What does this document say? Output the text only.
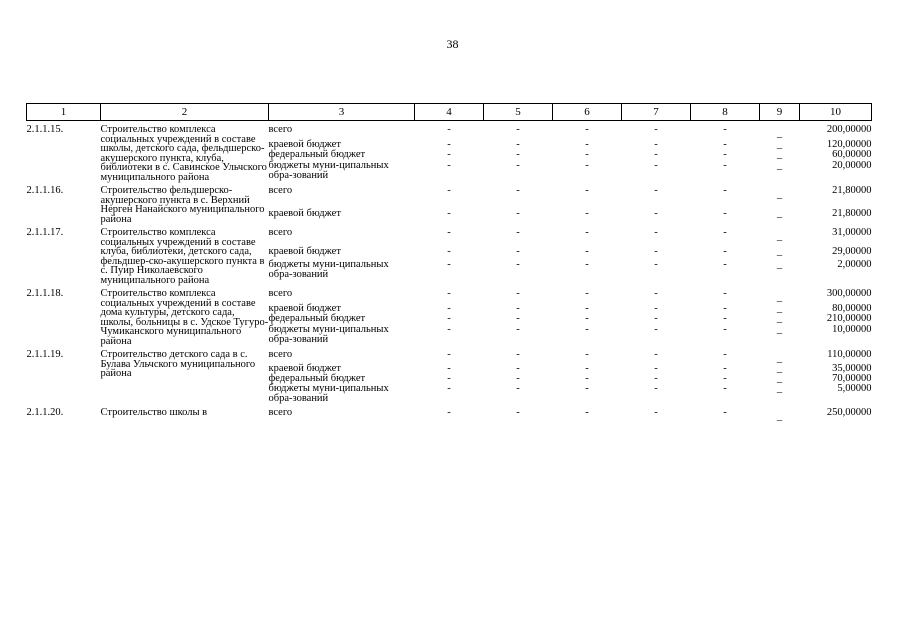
38
1	2	3	4	5	6	7	8	9	10
2.1.1.15.	Строительство комплекса социальных учреждений в составе школы, детского сада, фельдшерско-акушерского пункта, клуба, библиотеки в с. Савинское Ульчского муниципального района	всего	-	-	-	-	-	_	200,00000
		краевой бюджет	-	-	-	-	-	_	120,00000
		федеральный бюджет	-	-	-	-	-	_	60,00000
		бюджеты муни-ципальных обра-зований	-	-	-	-	-	_	20,00000
2.1.1.16.	Строительство фельдшерско-акушерского пункта в с. Верхний Нерген Нанайского муниципального района	всего	-	-	-	-	-	_	21,80000
		краевой бюджет	-	-	-	-	-	_	21,80000
2.1.1.17.	Строительство комплекса социальных учреждений в составе клуба, библиотеки, детского сада, фельдшер-ско-акушерского пункта в с. Пуир Николаевского муниципального района	всего	-	-	-	-	-	_	31,00000
		краевой бюджет	-	-	-	-	-	_	29,00000
		бюджеты муни-ципальных обра-зований	-	-	-	-	-	_	2,00000
2.1.1.18.	Строительство комплекса социальных учреждений в составе дома культуры, детского сада, школы, больницы в с. Удское Тугуро-Чумиканского муниципального района	всего	-	-	-	-	-	_	300,00000
		краевой бюджет	-	-	-	-	-	_	80,00000
		федеральный бюджет	-	-	-	-	-	_	210,00000
		бюджеты муни-ципальных обра-зований	-	-	-	-	-	_	10,00000
2.1.1.19.	Строительство детского сада в с. Булава Ульчского муниципального района	всего	-	-	-	-	-	_	110,00000
		краевой бюджет	-	-	-	-	-	_	35,00000
		федеральный бюджет	-	-	-	-	-	_	70,00000
		бюджеты муни-ципальных обра-зований	-	-	-	-	-	_	5,00000
2.1.1.20.	Строительство школы в	всего	-	-	-	-	-	_	250,00000
